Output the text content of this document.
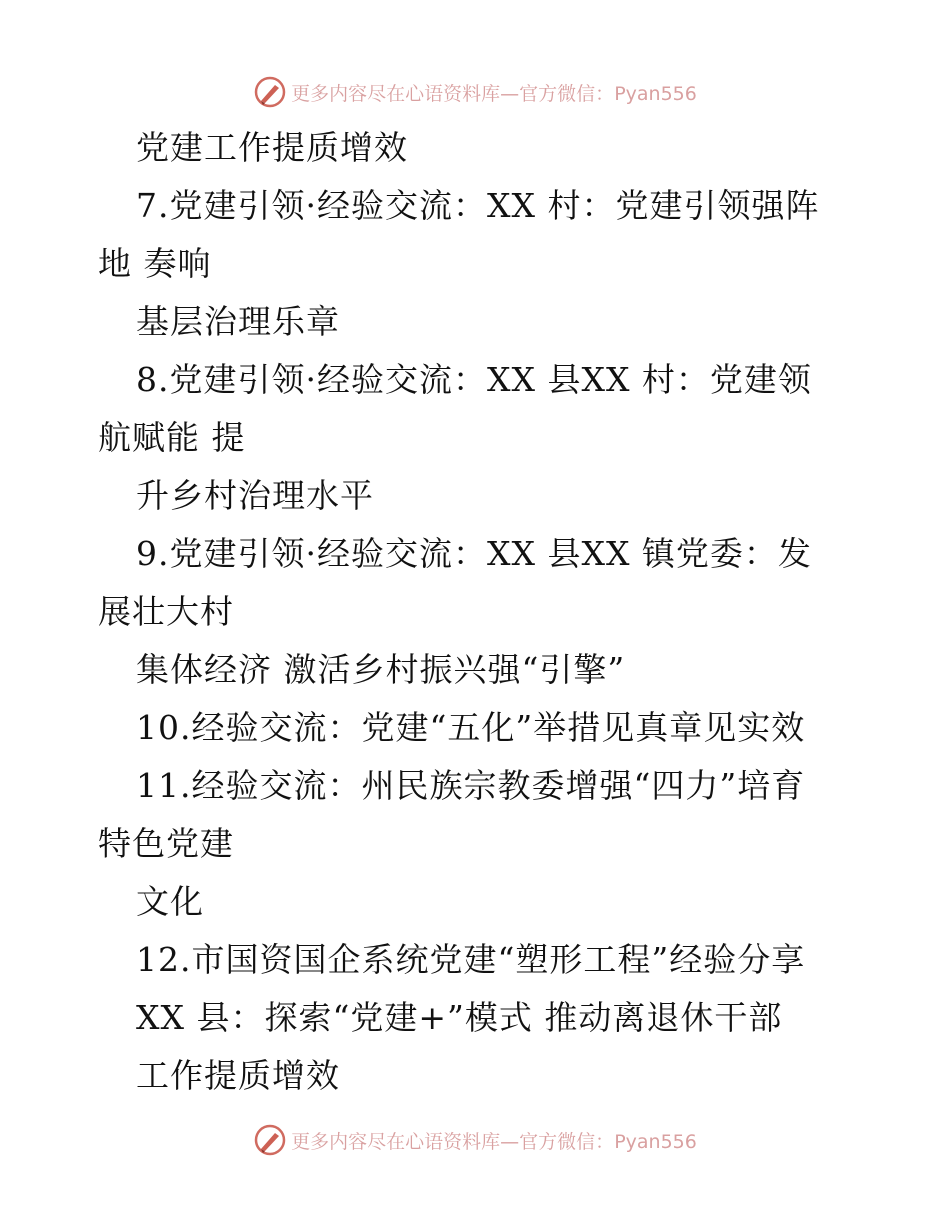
更多内容尽在心语资料库—官方微信：Pyan556
党建工作提质增效
7.党建引领·经验交流：XX 村：党建引领强阵
地 奏响
基层治理乐章
8.党建引领·经验交流：XX 县XX 村：党建领
航赋能 提
升乡村治理水平
9.党建引领·经验交流：XX 县XX 镇党委：发
展壮大村
集体经济 激活乡村振兴强“引擎”
10.经验交流：党建“五化”举措见真章见实效
11.经验交流：州民族宗教委增强“四力”培育
特色党建
文化
12.市国资国企系统党建“塑形工程”经验分享
XX 县：探索“党建+”模式 推动离退休干部
工作提质增效
更多内容尽在心语资料库—官方微信：Pyan556
